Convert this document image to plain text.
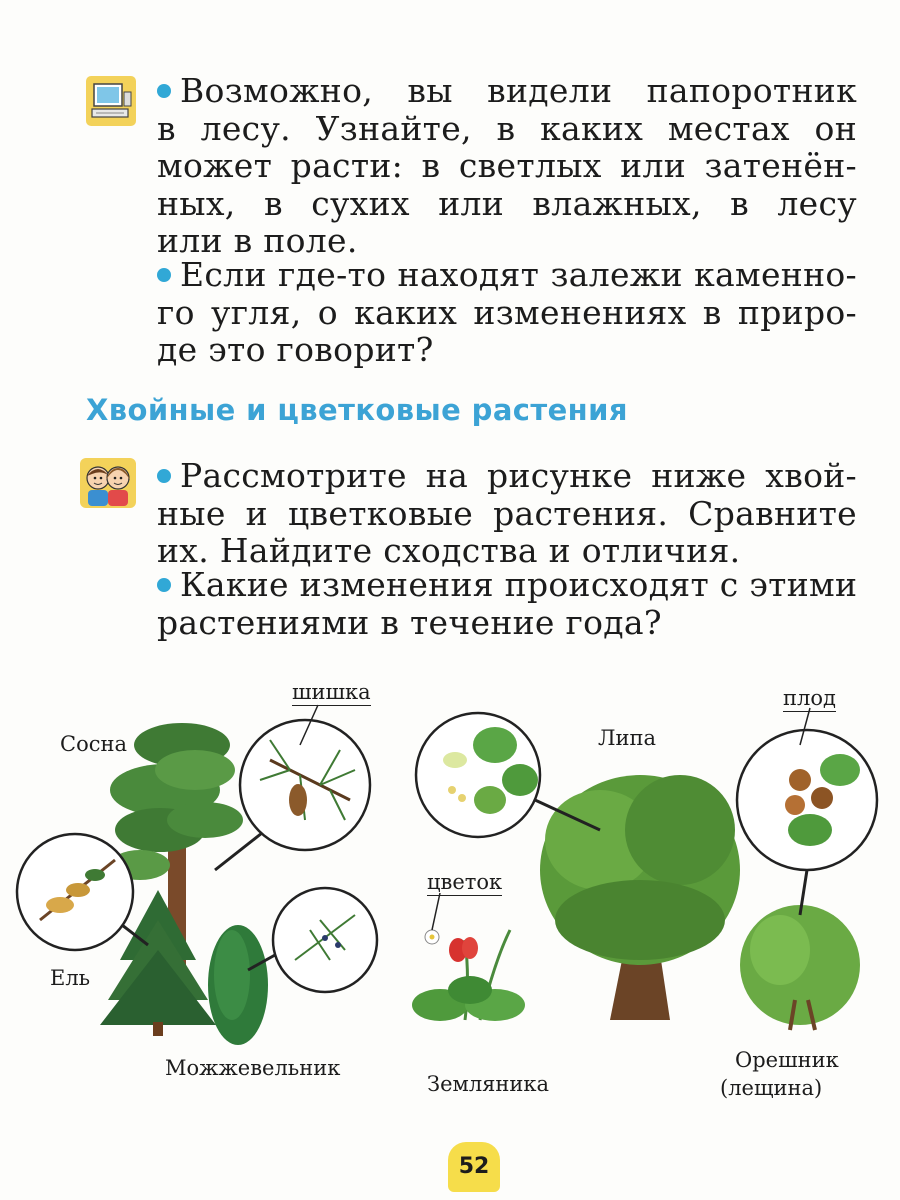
Возможно, вы видели папоротник
в лесу. Узнайте, в каких местах он
может расти: в светлых или затенён-
ных, в сухих или влажных, в лесу
или в поле.
Если где-то находят залежи каменно-
го угля, о каких изменениях в приро-
де это говорит?
Хвойные и цветковые растения
Рассмотрите на рисунке ниже хвой-
ные и цветковые растения. Сравните
их. Найдите сходства и отличия.
Какие изменения происходят с этими
растениями в течение года?
Сосна
шишка
Липа
плод
Ель
цветок
Можжевельник
Земляника
Орешник
(лещина)
52
